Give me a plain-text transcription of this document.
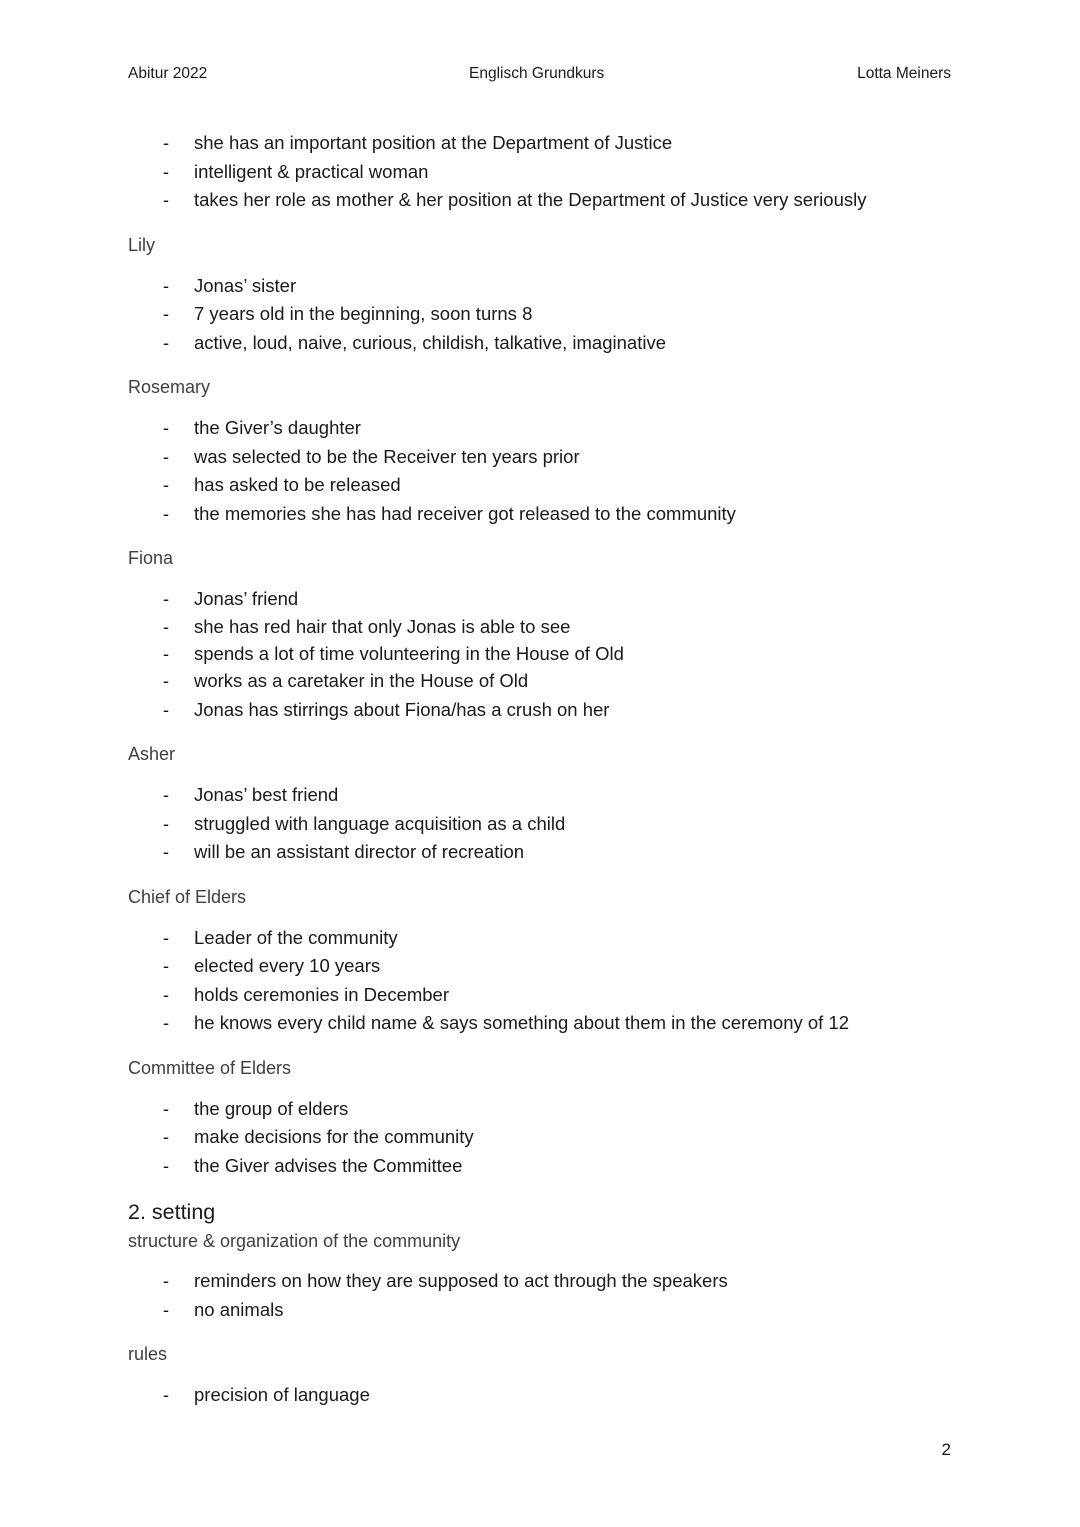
Abitur 2022	Englisch Grundkurs	Lotta Meiners
- she has an important position at the Department of Justice
- intelligent & practical woman
- takes her role as mother & her position at the Department of Justice very seriously
Lily
- Jonas’ sister
- 7 years old in the beginning, soon turns 8
- active, loud, naive, curious, childish, talkative, imaginative
Rosemary
- the Giver’s daughter
- was selected to be the Receiver ten years prior
- has asked to be released
- the memories she has had receiver got released to the community
Fiona
- Jonas’ friend
- she has red hair that only Jonas is able to see
- spends a lot of time volunteering in the House of Old
- works as a caretaker in the House of Old
- Jonas has stirrings about Fiona/has a crush on her
Asher
- Jonas’ best friend
- struggled with language acquisition as a child
- will be an assistant director of recreation
Chief of Elders
- Leader of the community
- elected every 10 years
- holds ceremonies in December
- he knows every child name & says something about them in the ceremony of 12
Committee of Elders
- the group of elders
- make decisions for the community
- the Giver advises the Committee
2. setting
structure & organization of the community
- reminders on how they are supposed to act through the speakers
- no animals
rules
- precision of language
2
